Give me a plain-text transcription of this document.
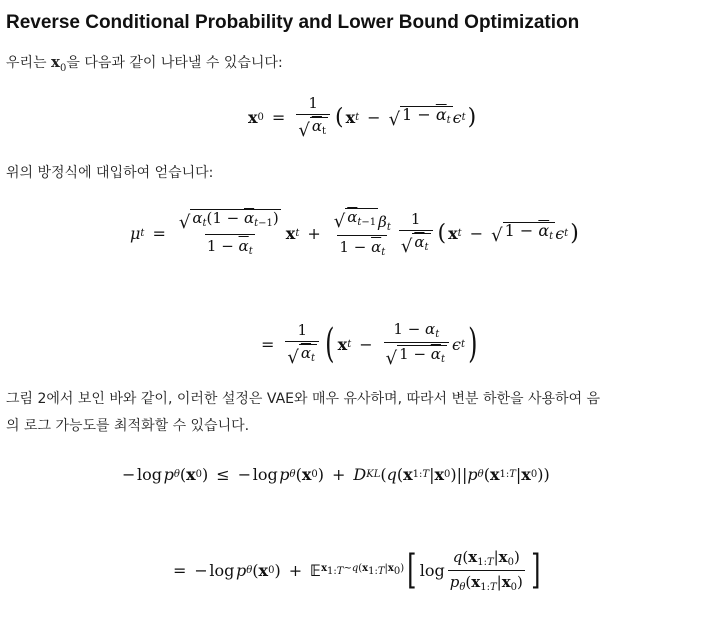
Reverse Conditional Probability and Lower Bound Optimization
우리는 $x_0$을 다음과 같이 나타낼 수 있습니다:
x $0 = \frac{1}{√ \alpha_t}$ ( x t − √ $1 - \overline{\alpha}_t$ ϵ t )
위의 방정식에 대입하여 얻습니다:
μ $t = \frac{√ \alpha_t(1 - \overline{\alpha}_{t-1})}{1 - \overline{\alpha}_t}$ x $t + \frac{√ \alpha_{t-1} \beta_t}{1 - \overline{\alpha}_t} \frac{1}{√ \alpha_t}$ ( x t − √ $1 - \overline{\alpha}_t$ ϵ t )
= $\frac{1}{√ \alpha_t}$ ( x $t - \frac{1 - \alpha_t}{√ 1 - \overline{\alpha}_t}$ ϵ t )
그림 2에서 보인 바와 같이, 이러한 설정은 VAE와 매우 유사하며, 따라서 변분 하한을 사용하여 음
의 로그 가능도를 최적화할 수 있습니다.
− log  p θ ( x 0 ) ≤ − log  p θ ( x 0 ) + D KL ( q ( x 1:T | x 0 )|| p θ ( x 1:T | x 0 ))
= − log  p θ ( x 0 ) + 𝔼 $x_{1:T}\sim q(x_{1:T}|x_0)$ [ $\log \frac{q(x_{1:T}|x_0)}{p_\theta(x_{1:T}|x_0)}$ ]
